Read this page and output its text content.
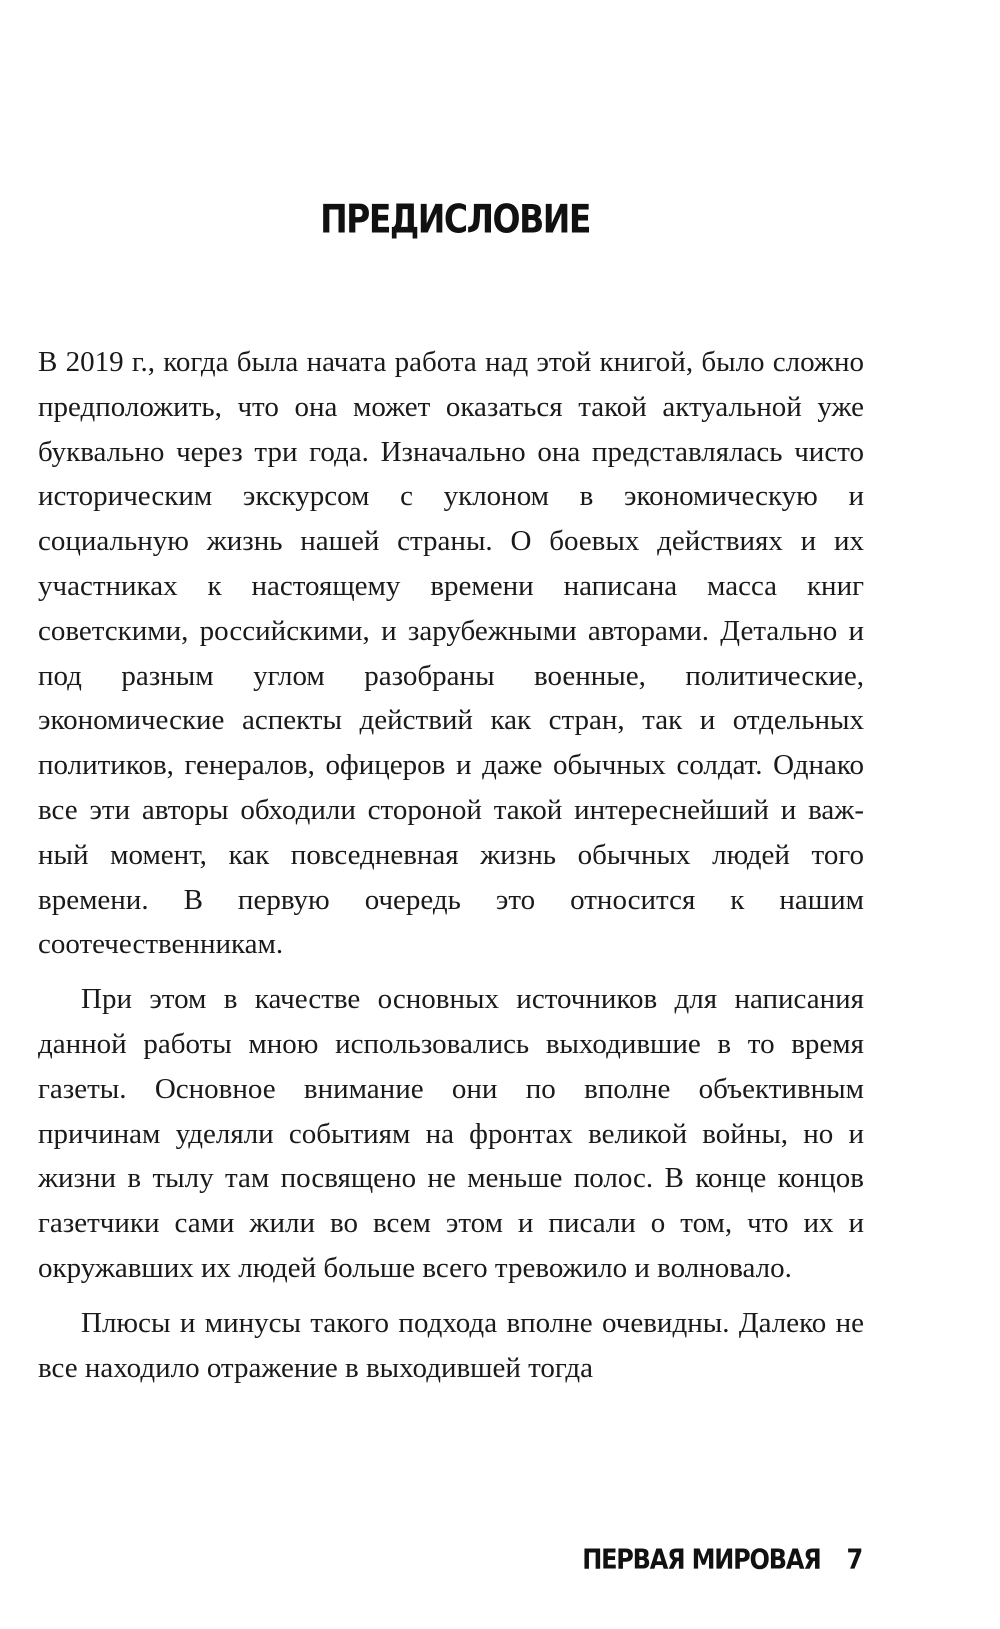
ПРЕДИСЛОВИЕ

В 2019 г., когда была начата работа над этой книгой, было сложно предположить, что она может оказаться такой актуальной уже буквально через три года. Изначально она представлялась чисто историческим экскурсом с уклоном в экономическую и социальную жизнь нашей страны. О боевых действиях и их участниках к настоящему времени написана масса книг советскими, российскими, и зарубежными авторами. Детально и под разным углом разобраны военные, политические, экономические аспекты действий как стран, так и отдельных политиков, генералов, офицеров и даже обычных солдат. Однако все эти авторы обходили стороной такой интереснейший и важный момент, как повседневная жизнь обычных людей того времени. В первую очередь это относится к нашим соотечественникам.

При этом в качестве основных источников для написания данной работы мною использовались выходившие в то время газеты. Основное внимание они по вполне объективным причинам уделяли событиям на фронтах великой войны, но и жизни в тылу там посвящено не меньше полос. В конце концов газетчики сами жили во всем этом и писали о том, что их и окружавших их людей больше всего тревожило и волновало.

Плюсы и минусы такого подхода вполне очевидны. Далеко не все находило отражение в выходившей тогда

ПЕРВАЯ МИРОВАЯ 7
